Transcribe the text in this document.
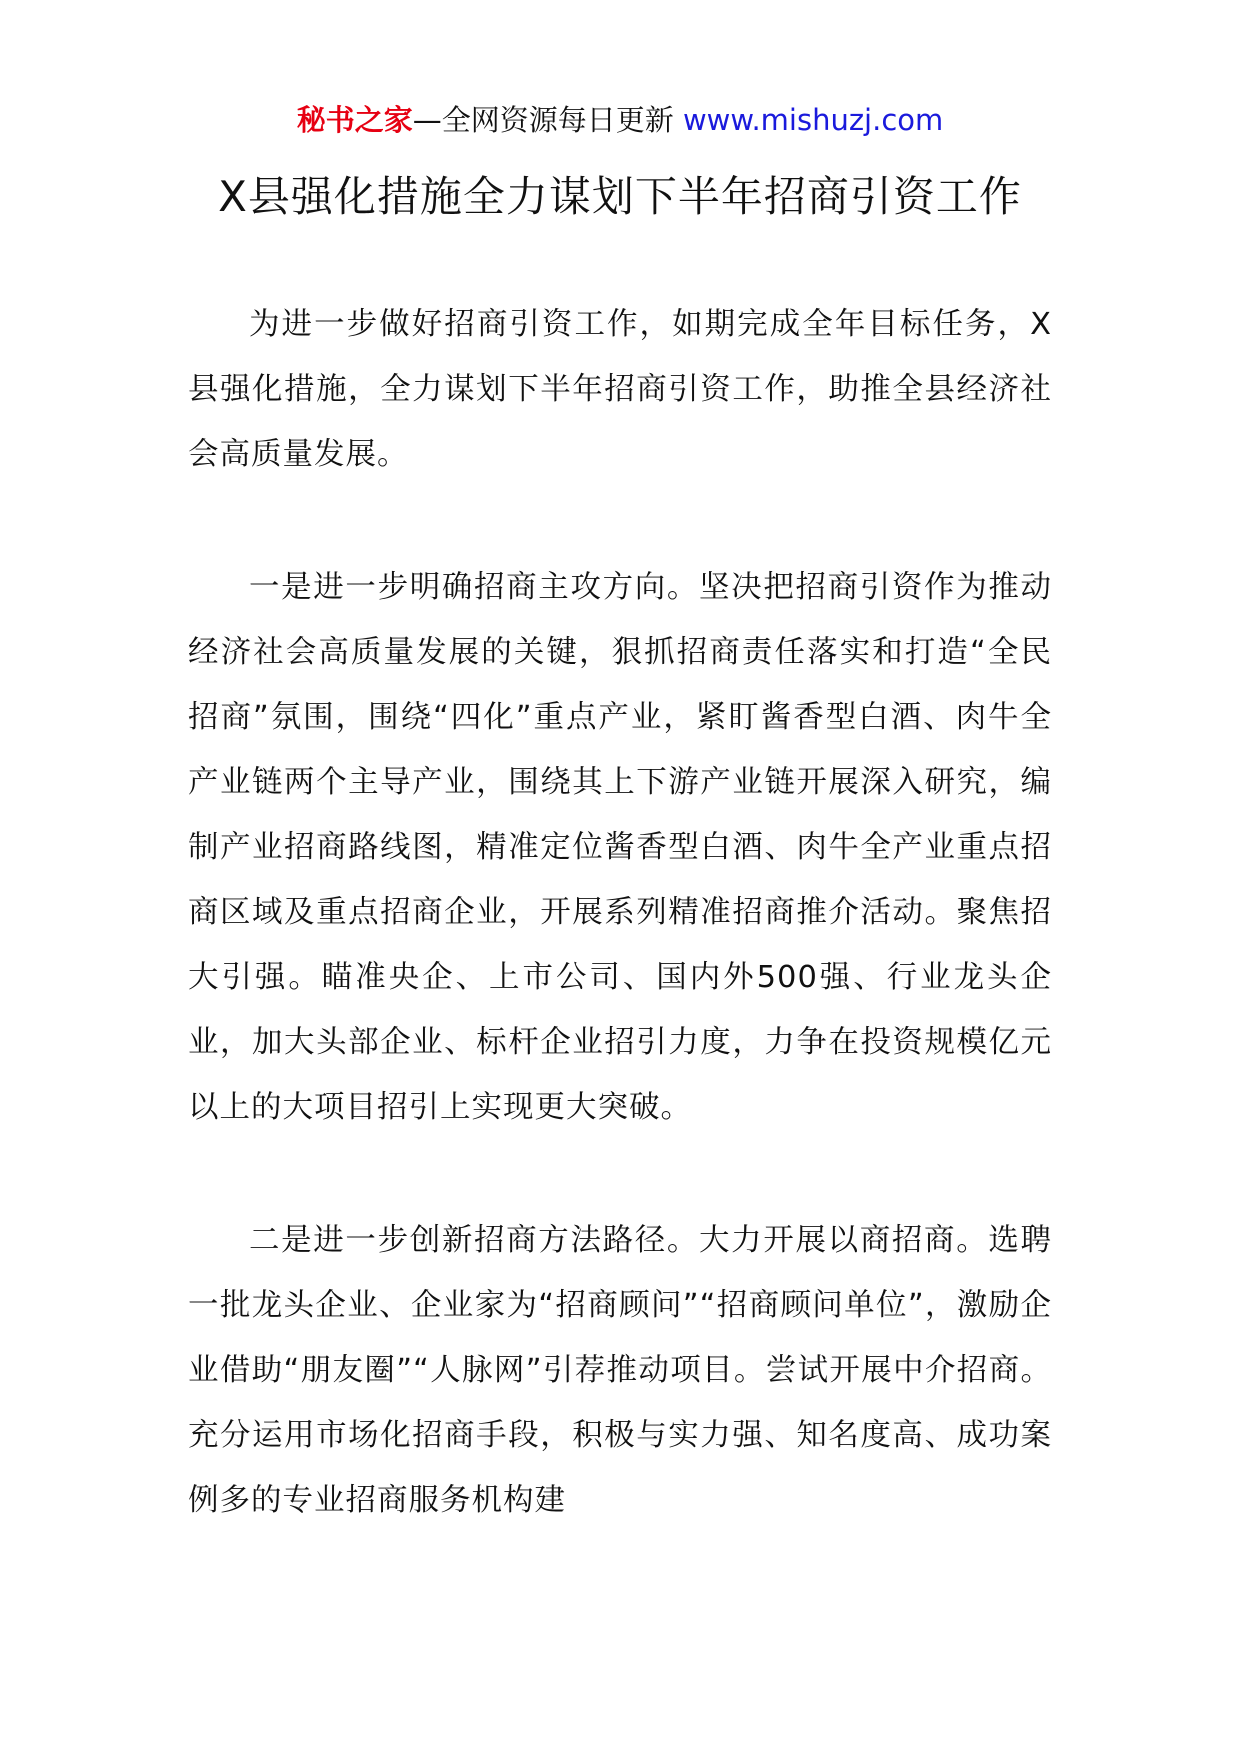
秘书之家—全网资源每日更新 www.mishuzj.com
X县强化措施全力谋划下半年招商引资工作

为进一步做好招商引资工作，如期完成全年目标任务，X县强化措施，全力谋划下半年招商引资工作，助推全县经济社会高质量发展。

一是进一步明确招商主攻方向。坚决把招商引资作为推动经济社会高质量发展的关键，狠抓招商责任落实和打造“全民招商”氛围，围绕“四化”重点产业，紧盯酱香型白酒、肉牛全产业链两个主导产业，围绕其上下游产业链开展深入研究，编制产业招商路线图，精准定位酱香型白酒、肉牛全产业重点招商区域及重点招商企业，开展系列精准招商推介活动。聚焦招大引强。瞄准央企、上市公司、国内外500强、行业龙头企业，加大头部企业、标杆企业招引力度，力争在投资规模亿元以上的大项目招引上实现更大突破。

二是进一步创新招商方法路径。大力开展以商招商。选聘一批龙头企业、企业家为“招商顾问”“招商顾问单位”，激励企业借助“朋友圈”“人脉网”引荐推动项目。尝试开展中介招商。充分运用市场化招商手段，积极与实力强、知名度高、成功案例多的专业招商服务机构建
